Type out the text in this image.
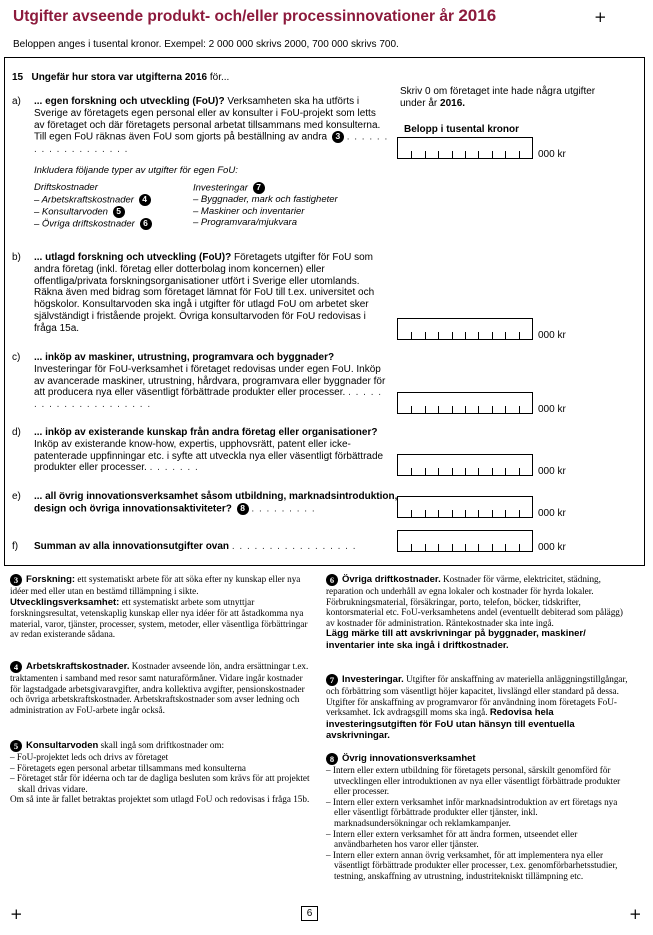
Utgifter avseende produkt- och/eller processinnovationer år 2016	+
Beloppen anges i tusental kronor. Exempel: 2 000 000 skrivs 2000, 700 000 skrivs 700.
15 Ungefär hur stora var utgifterna 2016 för...
Skriv 0 om företaget inte hade några utgifter under år 2016.
Belopp i tusental kronor
a) ... egen forskning och utveckling (FoU)? Verksamheten ska ha utförts i Sverige av företagets egen personal eller av konsulter i FoU-projekt som letts av företaget och där företagets personal arbetat tillsammans med konsulterna. Till egen FoU räknas även FoU som gjorts på beställning av andra 3 . . . . . . . . . . . . . . . . . . .
Inkludera följande typer av utgifter för egen FoU:
Driftskostnader
– Arbetskraftskostnader 4
– Konsultarvoden 5
– Övriga driftskostnader 6
Investeringar 7
– Byggnader, mark och fastigheter
– Maskiner och inventarier
– Programvara/mjukvara
b) ... utlagd forskning och utveckling (FoU)? Företagets utgifter för FoU som andra företag (inkl. företag eller dotterbolag inom koncernen) eller offentliga/privata forskningsorganisationer utfört i Sverige eller utomlands. Räkna även med bidrag som företaget lämnat för FoU till t.ex. universitet och högskolor. Konsultarvoden ska ingå i utgifter för utlagd FoU om arbetet sker självständigt i fristående projekt. Övriga konsultarvoden för FoU redovisas i fråga 15a.
c) ... inköp av maskiner, utrustning, programvara och byggnader? Investeringar för FoU-verksamhet i företaget redovisas under egen FoU. Inköp av avancerade maskiner, utrustning, hårdvara, programvara eller byggnader för att producera nya eller väsentligt förbättrade produkter eller processer. . . . . . . . . . . . . . . . . . . . . .
d) ... inköp av existerande kunskap från andra företag eller organisationer? Inköp av existerande know-how, expertis, upphovsrätt, patent eller icke-patenterade uppfinningar etc. i syfte att utveckla nya eller väsentligt förbättrade produkter eller processer. . . . . . . .
e) ... all övrig innovationsverksamhet såsom utbildning, marknadsintroduktion, design och övriga innovationsaktiviteter? 8 . . . . . . . . .
f) Summan av alla innovationsutgifter ovan . . . . . . . . . . . . . . . . .
000 kr
000 kr
000 kr
000 kr
000 kr
000 kr

3 Forskning: ett systematiskt arbete för att söka efter ny kunskap eller nya idéer med eller utan en bestämd tillämpning i sikte.

Utvecklingsverksamhet: ett systematiskt arbete som utnyttjar forskningsresultat, vetenskaplig kunskap eller nya idéer för att åstadkomma nya material, varor, tjänster, processer, system, metoder, eller väsentliga förbättringar av redan existerande sådana.

4 Arbetskraftskostnader. Kostnader avseende lön, andra ersättningar t.ex. traktamenten i samband med resor samt naturaförmåner. Vidare ingår kostnader för lagstadgade arbetsgivaravgifter, andra kollektiva avgifter, pensionskostnader och övriga arbetskraftskostnader. Arbetskraftskostnader som avser ledning och administration av FoU-arbete ingår också.

5 Konsultarvoden skall ingå som driftkostnader om:

– FoU-projektet leds och drivs av företaget

– Företagets egen personal arbetar tillsammans med konsulterna

– Företaget står för idéerna och tar de dagliga besluten som krävs för att projektet skall drivas vidare.

Om så inte är fallet betraktas projektet som utlagd FoU och redovisas i fråga 15b.

6 Övriga driftkostnader. Kostnader för värme, elektricitet, städning, reparation och underhåll av egna lokaler och kostnader för hyrda lokaler. Förbrukningsmaterial, försäkringar, porto, telefon, böcker, tidskrifter, kontorsmaterial etc. FoU-verksamhetens andel (eventuellt debiterad som pålägg) av kostnader för administration. Räntekostnader ska inte ingå.

Lägg märke till att avskrivningar på byggnader, maskiner/ inventarier inte ska ingå i driftkostnader.

7 Investeringar. Utgifter för anskaffning av materiella anläggningstillgångar, och förbättring som väsentligt höjer kapacitet, livslängd eller standard på dessa. Utgifter för anskaffning av programvaror för användning inom företagets FoU-verksamhet. Ick avdragsgill moms ska ingå. Redovisa hela investeringsutgiften för FoU utan hänsyn till eventuella avskrivningar.

8 Övrig innovationsverksamhet

– Intern eller extern utbildning för företagets personal, särskilt genomförd för utvecklingen eller introduktionen av nya eller väsentligt förbättrade produkter eller processer.

– Intern eller extern verksamhet inför marknadsintroduktion av ert företags nya eller väsentligt förbättrade produkter eller tjänster, inkl. marknadsundersökningar och reklamkampanjer.

– Intern eller extern verksamhet för att ändra formen, utseendet eller användbarheten hos varor eller tjänster.

– Intern eller extern annan övrig verksamhet, för att implementera nya eller väsentligt förbättrade produkter eller processer, t.ex. genomförbarhetsstudier, testning, anskaffning av utrustning, industritekniskt tillämpning etc.

+	+
6
